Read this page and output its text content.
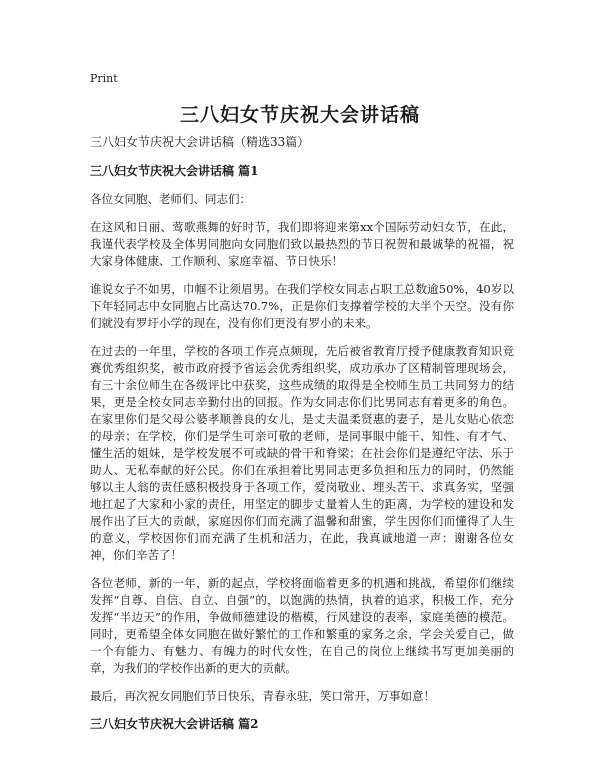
Print
三八妇女节庆祝大会讲话稿

三八妇女节庆祝大会讲话稿（精选33篇）

三八妇女节庆祝大会讲话稿 篇1

各位女同胞、老师们、同志们：

在这风和日丽、莺歌燕舞的好时节，我们即将迎来第xx个国际劳动妇女节，在此，我谨代表学校及全体男同胞向女同胞们致以最热烈的节日祝贺和最诚挚的祝福，祝大家身体健康、工作顺利、家庭幸福、节日快乐！

谁说女子不如男，巾帼不让须眉男。在我们学校女同志占职工总数逾50%，40岁以下年轻同志中女同胞占比高达70.7%，正是你们支撑着学校的大半个天空。没有你们就没有罗圩小学的现在，没有你们更没有罗小的未来。

在过去的一年里，学校的各项工作亮点频现，先后被省教育厅授予健康教育知识竞赛优秀组织奖，被市政府授予省运会优秀组织奖，成功承办了区精制管理现场会，有三十余位师生在各级评比中获奖，这些成绩的取得是全校师生员工共同努力的结果，更是全校女同志辛勤付出的回报。作为女同志你们比男同志有着更多的角色。在家里你们是父母公婆孝顺善良的女儿，是丈夫温柔贤惠的妻子，是儿女贴心依恋的母亲；在学校，你们是学生可亲可敬的老师，是同事眼中能干、知性、有才气、懂生活的姐妹，是学校发展不可或缺的骨干和脊梁；在社会你们是遵纪守法、乐于助人、无私奉献的好公民。你们在承担着比男同志更多负担和压力的同时，仍然能够以主人翁的责任感积极投身于各项工作，爱岗敬业、埋头苦干、求真务实，坚强地扛起了大家和小家的责任，用坚定的脚步丈量着人生的距离，为学校的建设和发展作出了巨大的贡献，家庭因你们而充满了温馨和甜蜜，学生因你们而懂得了人生的意义，学校因你们而充满了生机和活力，在此，我真诚地道一声：谢谢各位女神，你们辛苦了！

各位老师，新的一年，新的起点，学校将面临着更多的机遇和挑战，希望你们继续发挥“自尊、自信、自立、自强”的，以饱满的热情，执着的追求，积极工作，充分发挥“半边天”的作用，争做师德建设的楷模，行风建设的表率，家庭美德的模范。同时，更希望全体女同胞在做好繁忙的工作和繁重的家务之余，学会关爱自己，做一个有能力、有魅力、有魄力的时代女性，在自己的岗位上继续书写更加美丽的章，为我们的学校作出新的更大的贡献。

最后，再次祝女同胞们节日快乐，青春永驻，笑口常开，万事如意！

三八妇女节庆祝大会讲话稿 篇2
